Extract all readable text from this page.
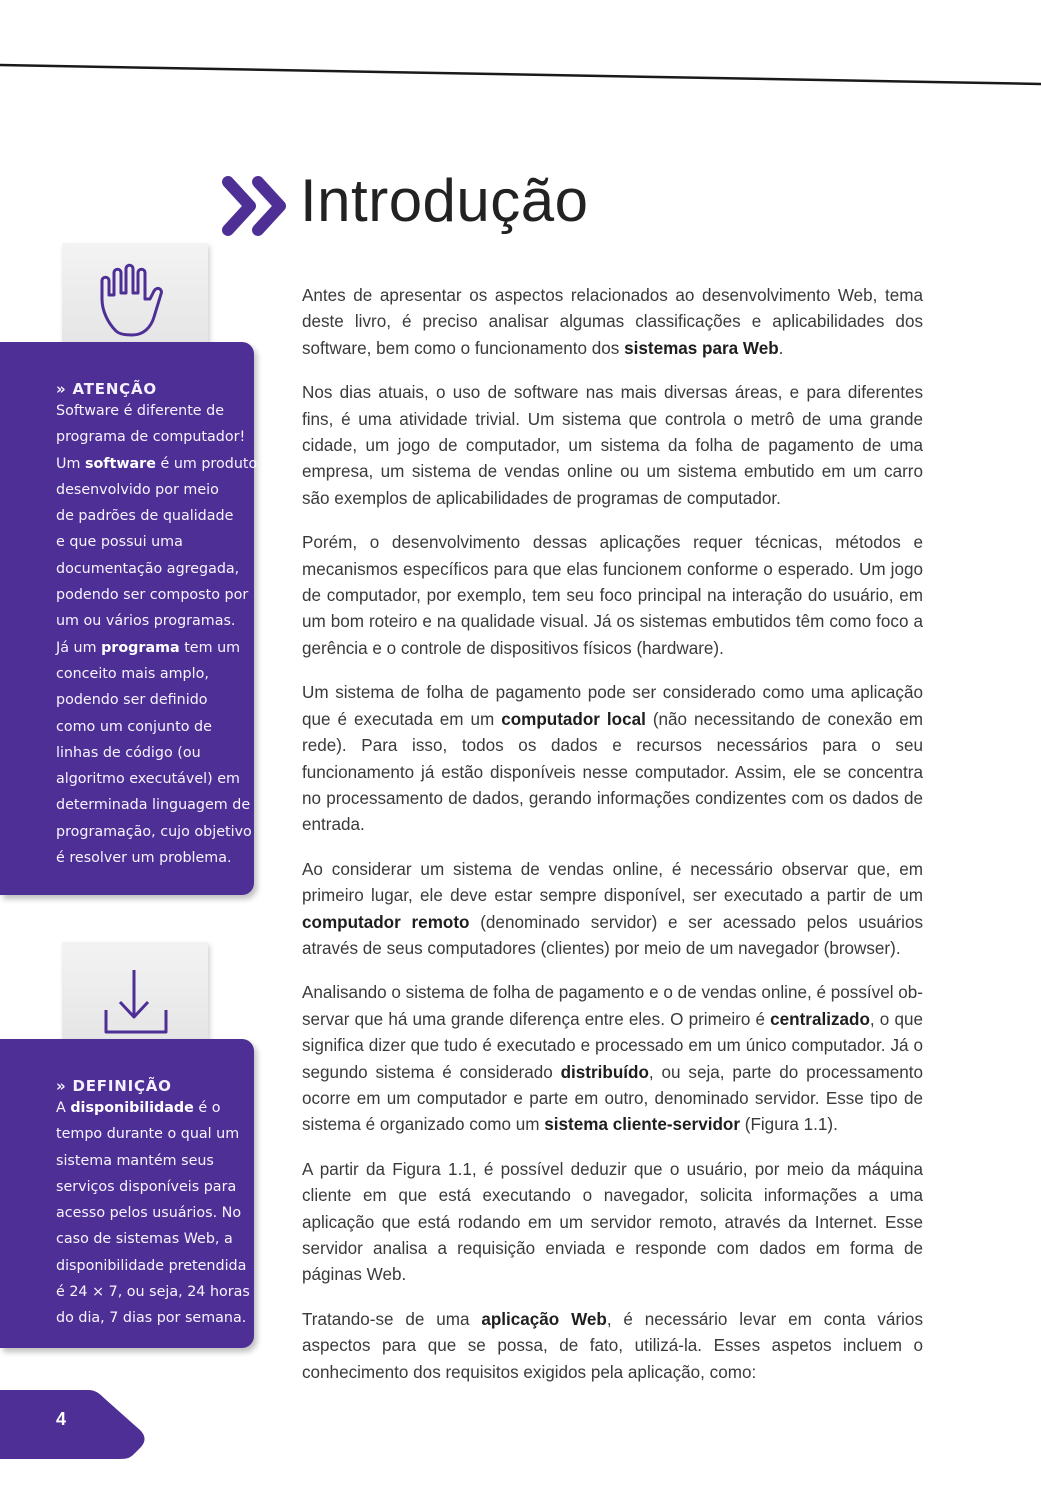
Introdução

Antes de apresentar os aspectos relacionados ao desenvolvimento Web, tema deste livro, é preciso analisar algumas classificações e aplicabilidades dos software, bem como o funcionamento dos sistemas para Web.

Nos dias atuais, o uso de software nas mais diversas áreas, e para diferentes fins, é uma atividade trivial. Um sistema que controla o metrô de uma grande cidade, um jogo de computador, um sistema da folha de pagamento de uma empresa, um sistema de vendas online ou um sistema embutido em um carro são exemplos de aplicabilidades de programas de computador.

Porém, o desenvolvimento dessas aplicações requer técnicas, métodos e mecanismos específicos para que elas funcionem conforme o esperado. Um jogo de computador, por exemplo, tem seu foco principal na interação do usuário, em um bom roteiro e na qualidade visual. Já os sistemas embutidos têm como foco a gerência e o controle de dispositivos físicos (hardware).

Um sistema de folha de pagamento pode ser considerado como uma aplicação que é executada em um computador local (não necessitando de conexão em rede). Para isso, todos os dados e recursos necessários para o seu funcionamento já estão disponíveis nesse computador. Assim, ele se concentra no processamento de dados, gerando informações condizentes com os dados de entrada.

Ao considerar um sistema de vendas online, é necessário observar que, em primeiro lugar, ele deve estar sempre disponível, ser executado a partir de um computador remoto (denominado servidor) e ser acessado pelos usuários através de seus computadores (clientes) por meio de um navegador (browser).

Analisando o sistema de folha de pagamento e o de vendas online, é possível observar que há uma grande diferença entre eles. O primeiro é centralizado, o que significa dizer que tudo é executado e processado em um único computador. Já o segundo sistema é considerado distribuído, ou seja, parte do processamento ocorre em um computador e parte em outro, denominado servidor. Esse tipo de sistema é organizado como um sistema cliente-servidor (Figura 1.1).

A partir da Figura 1.1, é possível deduzir que o usuário, por meio da máquina cliente em que está executando o navegador, solicita informações a uma aplicação que está rodando em um servidor remoto, através da Internet. Esse servidor analisa a requisição enviada e responde com dados em forma de páginas Web.

Tratando-se de uma aplicação Web, é necessário levar em conta vários aspectos para que se possa, de fato, utilizá-la. Esses aspetos incluem o conhecimento dos requisitos exigidos pela aplicação, como:

» ATENÇÃO
Software é diferente de
programa de computador!
Um software é um produto
desenvolvido por meio
de padrões de qualidade
e que possui uma
documentação agregada,
podendo ser composto por
um ou vários programas.
Já um programa tem um
conceito mais amplo,
podendo ser definido
como um conjunto de
linhas de código (ou
algoritmo executável) em
determinada linguagem de
programação, cujo objetivo
é resolver um problema.
» DEFINIÇÃO
A disponibilidade é o
tempo durante o qual um
sistema mantém seus
serviços disponíveis para
acesso pelos usuários. No
caso de sistemas Web, a
disponibilidade pretendida
é 24 × 7, ou seja, 24 horas
do dia, 7 dias por semana.
4
